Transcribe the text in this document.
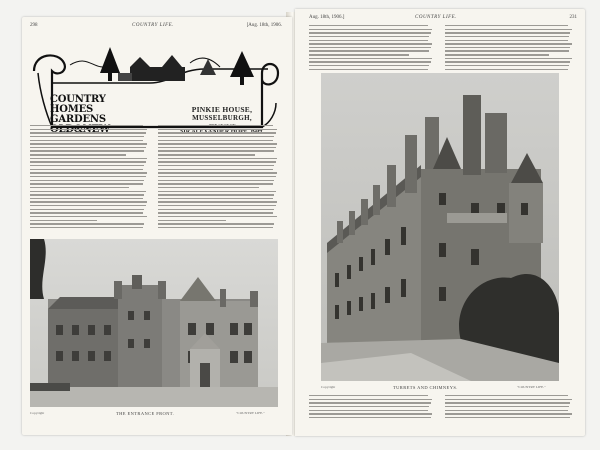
298	COUNTRY LIFE.	[Aug. 18th, 1906.
COUNTRY
HOMES
GARDENS
PINKIE HOUSE,
MUSSELBURGH,
Copyright	THE ENTRANCE FRONT.	"COUNTRY LIFE."
Aug. 18th, 1906.]	COUNTRY LIFE.	231
Copyright	TURRETS AND CHIMNEYS.	"COUNTRY LIFE."
